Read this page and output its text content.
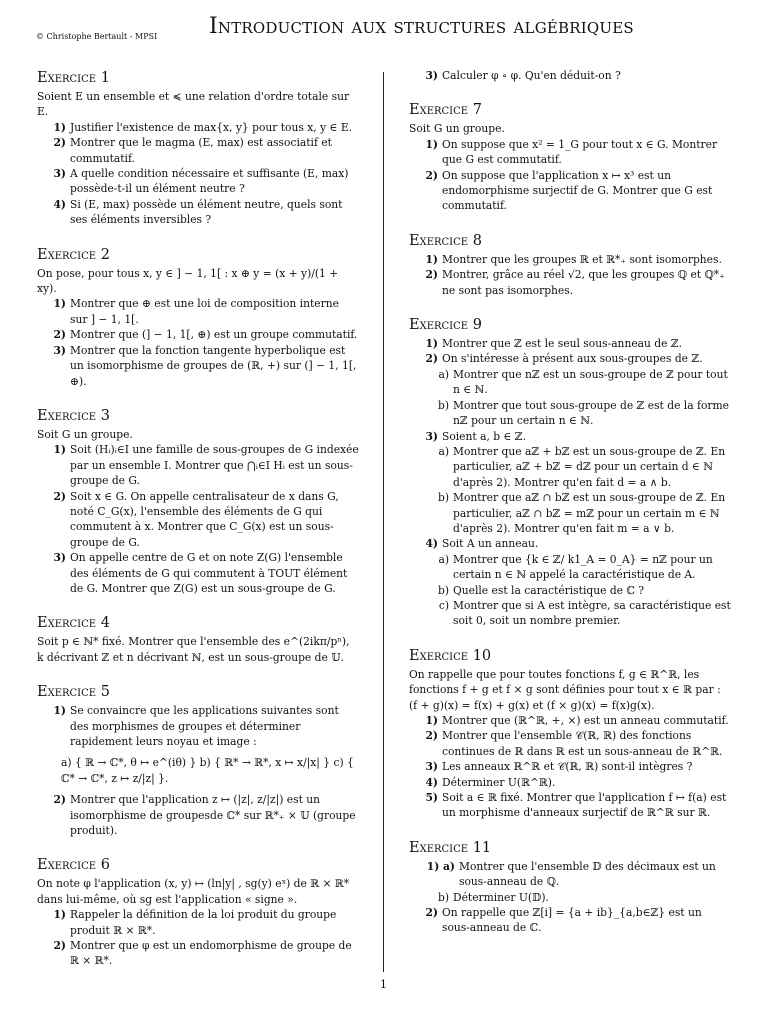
© Christophe Bertault - MPSI Introduction aux structures algébriques
Exercice 1

Soient E un ensemble et ≼ une relation d'ordre totale sur E.

1) Justifier l'existence de max{x, y} pour tous x, y ∈ E.
2) Montrer que le magma (E, max) est associatif et commutatif.
3) A quelle condition nécessaire et suffisante (E, max) possède-t-il un élément neutre ?
4) Si (E, max) possède un élément neutre, quels sont ses éléments inversibles ?
Exercice 2

On pose, pour tous x, y ∈ ] − 1, 1[ : x ⊕ y = (x + y)/(1 + xy).

1) Montrer que ⊕ est une loi de composition interne sur ] − 1, 1[.
2) Montrer que (] − 1, 1[, ⊕) est un groupe commutatif.
3) Montrer que la fonction tangente hyperbolique est un isomorphisme de groupes de (ℝ, +) sur (] − 1, 1[, ⊕).
Exercice 3

Soit G un groupe.

1) Soit (Hᵢ)ᵢ∈I une famille de sous-groupes de G indexée par un ensemble I. Montrer que ⋂ᵢ∈I Hᵢ est un sous-groupe de G.
2) Soit x ∈ G. On appelle centralisateur de x dans G, noté C_G(x), l'ensemble des éléments de G qui commutent à x. Montrer que C_G(x) est un sous-groupe de G.
3) On appelle centre de G et on note Z(G) l'ensemble des éléments de G qui commutent à TOUT élément de G. Montrer que Z(G) est un sous-groupe de G.
Exercice 4

Soit p ∈ ℕ* fixé. Montrer que l'ensemble des e^(2ikπ/pⁿ), k décrivant ℤ et n décrivant ℕ, est un sous-groupe de 𝕌.

Exercice 5
1) Se convaincre que les applications suivantes sont des morphismes de groupes et déterminer rapidement leurs noyau et image :
a) { ℝ → ℂ*, θ ↦ e^(iθ) } b) { ℝ* → ℝ*, x ↦ x/|x| } c) { ℂ* → ℂ*, z ↦ z/|z| }.
2) Montrer que l'application z ↦ (|z|, z/|z|) est un isomorphisme de groupesde ℂ* sur ℝ*₊ × 𝕌 (groupe produit).
Exercice 6

On note φ l'application (x, y) ↦ (ln|y| , sg(y) eˣ) de ℝ × ℝ* dans lui-même, où sg est l'application « signe ».

1) Rappeler la définition de la loi produit du groupe produit ℝ × ℝ*.
2) Montrer que φ est un endomorphisme de groupe de ℝ × ℝ*.
3) Calculer φ ∘ φ. Qu'en déduit-on ?
Exercice 7

Soit G un groupe.

1) On suppose que x² = 1_G pour tout x ∈ G. Montrer que G est commutatif.
2) On suppose que l'application x ↦ x³ est un endomorphisme surjectif de G. Montrer que G est commutatif.
Exercice 8
1) Montrer que les groupes ℝ et ℝ*₊ sont isomorphes.
2) Montrer, grâce au réel √2, que les groupes ℚ et ℚ*₊ ne sont pas isomorphes.
Exercice 9
1) Montrer que ℤ est le seul sous-anneau de ℤ.
2) On s'intéresse à présent aux sous-groupes de ℤ.
a) Montrer que nℤ est un sous-groupe de ℤ pour tout n ∈ ℕ.
b) Montrer que tout sous-groupe de ℤ est de la forme nℤ pour un certain n ∈ ℕ.
3) Soient a, b ∈ ℤ.
a) Montrer que aℤ + bℤ est un sous-groupe de ℤ. En particulier, aℤ + bℤ = dℤ pour un certain d ∈ ℕ d'après 2). Montrer qu'en fait d = a ∧ b.
b) Montrer que aℤ ∩ bℤ est un sous-groupe de ℤ. En particulier, aℤ ∩ bℤ = mℤ pour un certain m ∈ ℕ d'après 2). Montrer qu'en fait m = a ∨ b.
4) Soit A un anneau.
a) Montrer que {k ∈ ℤ/ k1_A = 0_A} = nℤ pour un certain n ∈ ℕ appelé la caractéristique de A.
b) Quelle est la caractéristique de ℂ ?
c) Montrer que si A est intègre, sa caractéristique est soit 0, soit un nombre premier.
Exercice 10

On rappelle que pour toutes fonctions f, g ∈ ℝ^ℝ, les fonctions f + g et f × g sont définies pour tout x ∈ ℝ par : (f + g)(x) = f(x) + g(x) et (f × g)(x) = f(x)g(x).

1) Montrer que (ℝ^ℝ, +, ×) est un anneau commutatif.
2) Montrer que l'ensemble 𝒞(ℝ, ℝ) des fonctions continues de ℝ dans ℝ est un sous-anneau de ℝ^ℝ.
3) Les anneaux ℝ^ℝ et 𝒞(ℝ, ℝ) sont-il intègres ?
4) Déterminer U(ℝ^ℝ).
5) Soit a ∈ ℝ fixé. Montrer que l'application f ↦ f(a) est un morphisme d'anneaux surjectif de ℝ^ℝ sur ℝ.
Exercice 11
1) a) Montrer que l'ensemble 𝔻 des décimaux est un sous-anneau de ℚ.
b) Déterminer U(𝔻).
2) On rappelle que ℤ[i] = {a + ib}_{a,b∈ℤ} est un sous-anneau de ℂ.
1
